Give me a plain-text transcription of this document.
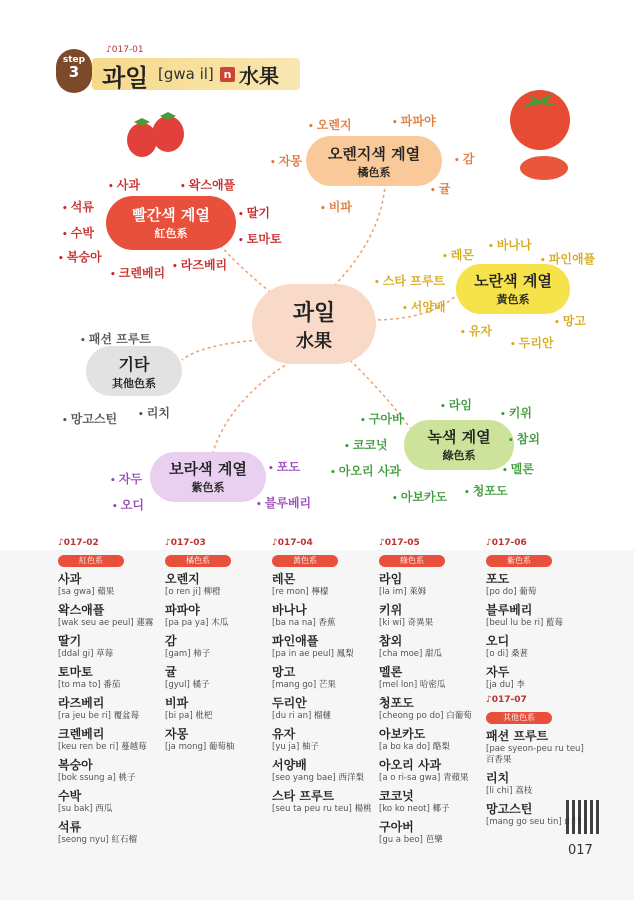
step
3
♪017-01
과일 [gwa il] n 水果
과일
水果
빨간색 계열
紅色系
오렌지색 계열
橘色系
노란색 계열
黃色系
기타
其他色系
녹색 계열
綠色系
보라색 계열
紫色系
• 사과	• 왁스애플
• 석류	• 딸기
• 수박	• 토마토
• 복숭아
• 라즈베리
• 크렌베리
• 오렌지	• 파파야
• 자몽	• 감
• 귤
• 비파
• 레몬
• 바나나
• 파인애플
• 스타 프루트
• 서양배
• 망고
• 유자
• 두리안
• 패션 프루트
• 망고스틴	• 리치
• 라임
• 구아바	• 키위
• 코코넛	• 참외
• 아오리 사과	• 멜론
• 아보카도	• 청포도
• 포도
• 자두
• 오디	• 블루베리
♪017-02
紅色系
사과
[sa gwa] 蘋果
왁스애플
[wak seu ae peul] 蓮霧
딸기
[ddal gi] 草莓
토마토
[to ma to] 番茄
라즈베리
[ra jeu be ri] 覆盆莓
크렌베리
[keu ren be ri] 蔓越莓
복숭아
[bok ssung a] 桃子
수박
[su bak] 西瓜
석류
[seong nyu] 紅石榴
♪017-03
橘色系
오렌지
[o ren ji] 柳橙
파파야
[pa pa ya] 木瓜
감
[gam] 柿子
귤
[gyul] 橘子
비파
[bi pa] 枇杷
자몽
[ja mong] 葡萄柚
♪017-04
黃色系
레몬
[re mon] 檸檬
바나나
[ba na na] 香蕉
파인애플
[pa in ae peul] 鳳梨
망고
[mang go] 芒果
두리안
[du ri an] 榴槤
유자
[yu ja] 柚子
서양배
[seo yang bae] 西洋梨
스타 프루트
[seu ta peu ru teu] 楊桃
♪017-05
綠色系
라임
[la im] 萊姆
키위
[ki wi] 奇異果
참외
[cha moe] 甜瓜
멜론
[mel lon] 哈密瓜
청포도
[cheong po do] 白葡萄
아보카도
[a bo ka do] 酪梨
아오리 사과
[a o ri-sa gwa] 青蘋果
코코넛
[ko ko neot] 椰子
구아버
[gu a beo] 芭樂
♪017-06
紫色系
포도
[po do] 葡萄
블루베리
[beul lu be ri] 藍莓
오디
[o di] 桑葚
자두
[ja du] 李
♪017-07
其他色系
패션 프루트
[pae syeon-peu ru teu] 百香果
리치
[li chi] 荔枝
망고스틴
[mang go seu tin]
017
